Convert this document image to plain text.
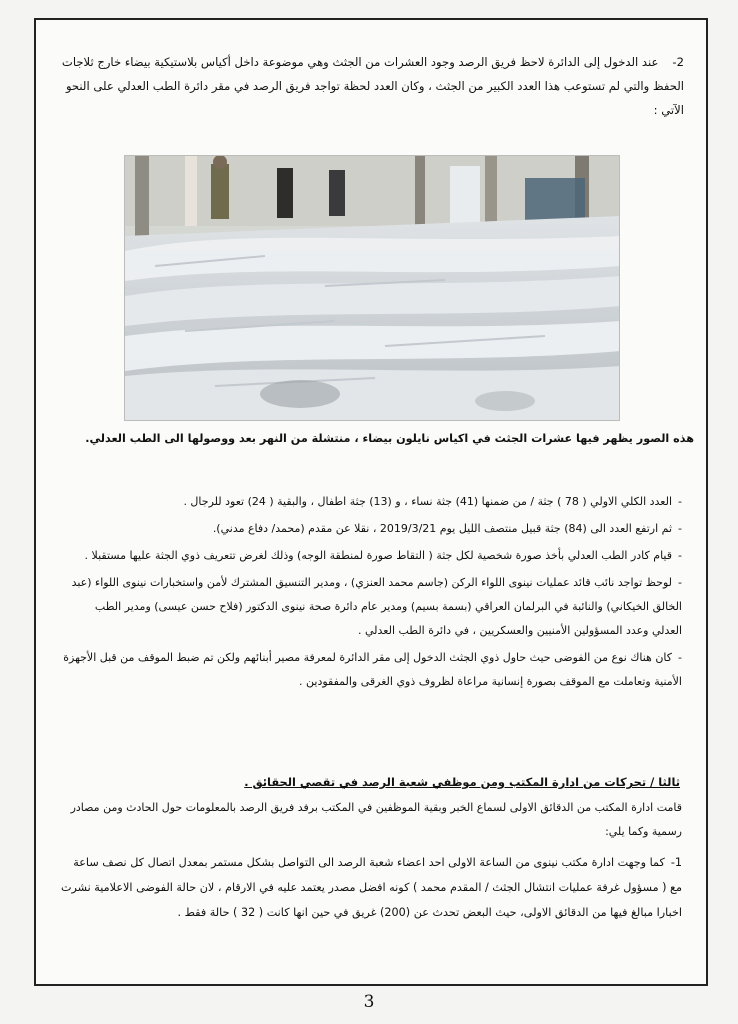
2-عند الدخول إلى الدائرة لاحظ فريق الرصد وجود العشرات من الجثث وهي موضوعة داخل أكياس بلاستيكية بيضاء خارج ثلاجات الحفظ والتي لم تستوعب هذا العدد الكبير من الجثث ، وكان العدد لحظة تواجد فريق الرصد في مقر دائرة الطب العدلي على النحو الآتي :

هذه الصور يظهر فيها عشرات الجثث في اكياس نايلون بيضاء ، منتشلة من النهر بعد ووصولها الى الطب العدلي.

-العدد الكلي الاولي ( 78 ) جثة / من ضمنها (41) جثة نساء ، و (13) جثة اطفال ، والبقية ( 24) تعود للرجال .

-ثم ارتفع العدد الى (84) جثة قبيل منتصف الليل يوم 2019/3/21 ، نقلا عن مقدم (محمد/ دفاع مدني).

-قيام كادر الطب العدلي بأخذ صورة شخصية لكل جثة ( التقاط صورة لمنطقة الوجه) وذلك لغرض تتعريف ذوي الجثة عليها مستقبلا .

-لوحظ تواجد نائب قائد عمليات نينوى اللواء الركن (جاسم محمد العنزي) ، ومدير التنسيق المشترك لأمن واستخبارات نينوى اللواء (عبد الخالق الخيكاني) والنائبة في البرلمان العراقي (بسمة بسيم) ومدير عام دائرة صحة نينوى الدكتور (فلاح حسن عيسى) ومدير الطب العدلي وعدد المسؤولين الأمنيين والعسكريين ، في دائرة الطب العدلي .

-كان هناك نوع من الفوضى حيث حاول ذوي الجثث الدخول إلى مقر الدائرة لمعرفة مصير أبنائهم ولكن تم ضبط الموقف من قبل الأجهزة الأمنية وتعاملت مع الموقف بصورة إنسانية مراعاة لظروف ذوي الغرقى والمفقودين .

ثالثا / تحركات من ادارة المكتب ومن موظفي شعبة الرصد في تقصي الحقائق .

قامت ادارة المكتب من الدقائق الاولى لسماع الخبر وبقية الموظفين في المكتب برفد فريق الرصد بالمعلومات حول الحادث ومن مصادر رسمية وكما يلي:

1-كما وجهت ادارة مكتب نينوى من الساعة الاولى احد اعضاء شعبة الرصد الى التواصل بشكل مستمر بمعدل اتصال كل نصف ساعة مع ( مسؤول غرفة عمليات انتشال الجثث / المقدم محمد ) كونه افضل مصدر يعتمد عليه في الارقام ، لان حالة الفوضى الاعلامية نشرت اخبارا مبالغ فيها من الدقائق الاولى، حيث البعض تحدث عن (200) غريق في حين انها كانت ( 32 ) حالة فقط .

3
